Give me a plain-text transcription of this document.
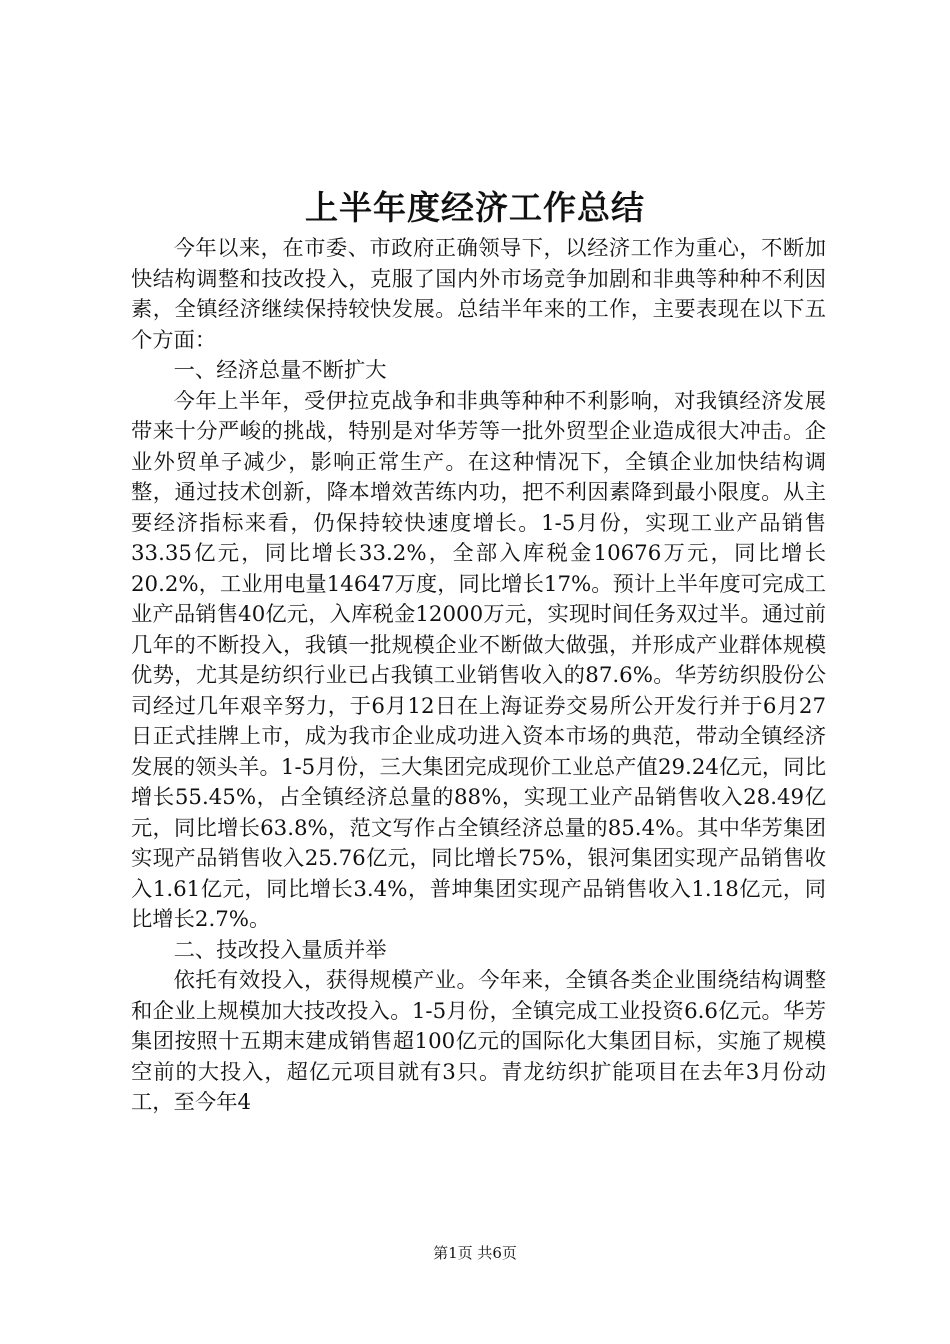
上半年度经济工作总结

今年以来，在市委、市政府正确领导下，以经济工作为重心，不断加快结构调整和技改投入，克服了国内外市场竞争加剧和非典等种种不利因素，全镇经济继续保持较快发展。总结半年来的工作，主要表现在以下五个方面：

一、经济总量不断扩大

今年上半年，受伊拉克战争和非典等种种不利影响，对我镇经济发展带来十分严峻的挑战，特别是对华芳等一批外贸型企业造成很大冲击。企业外贸单子减少，影响正常生产。在这种情况下，全镇企业加快结构调整，通过技术创新，降本增效苦练内功，把不利因素降到最小限度。从主要经济指标来看，仍保持较快速度增长。1-5月份，实现工业产品销售33.35亿元，同比增长33.2%，全部入库税金10676万元，同比增长20.2%，工业用电量14647万度，同比增长17%。预计上半年度可完成工业产品销售40亿元，入库税金12000万元，实现时间任务双过半。通过前几年的不断投入，我镇一批规模企业不断做大做强，并形成产业群体规模优势，尤其是纺织行业已占我镇工业销售收入的87.6%。华芳纺织股份公司经过几年艰辛努力，于6月12日在上海证券交易所公开发行并于6月27日正式挂牌上市，成为我市企业成功进入资本市场的典范，带动全镇经济发展的领头羊。1-5月份，三大集团完成现价工业总产值29.24亿元，同比增长55.45%，占全镇经济总量的88%，实现工业产品销售收入28.49亿元，同比增长63.8%，范文写作占全镇经济总量的85.4%。其中华芳集团实现产品销售收入25.76亿元，同比增长75%，银河集团实现产品销售收入1.61亿元，同比增长3.4%，普坤集团实现产品销售收入1.18亿元，同比增长2.7%。

二、技改投入量质并举

依托有效投入，获得规模产业。今年来，全镇各类企业围绕结构调整和企业上规模加大技改投入。1-5月份，全镇完成工业投资6.6亿元。华芳集团按照十五期末建成销售超100亿元的国际化大集团目标，实施了规模空前的大投入，超亿元项目就有3只。青龙纺织扩能项目在去年3月份动工，至今年4

第1页 共6页
